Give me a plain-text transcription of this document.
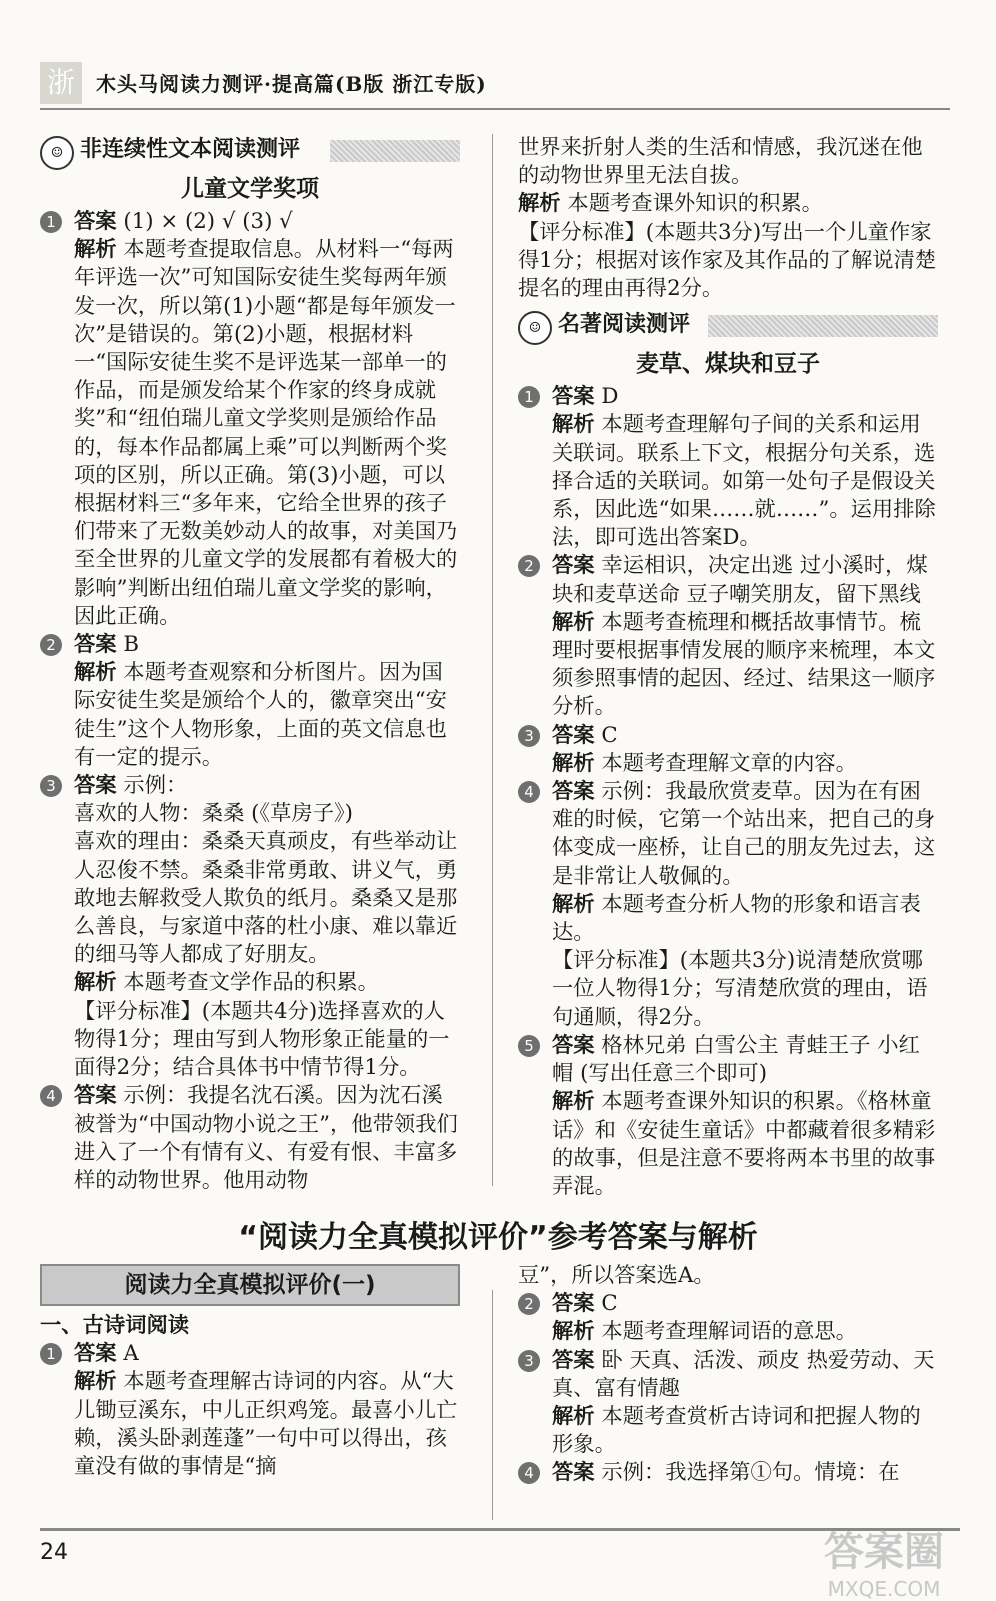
浙	木头马阅读力测评·提高篇(B版 浙江专版)
☺ 非连续性文本阅读测评
儿童文学奖项
1 答案 (1) × (2) √ (3) √
解析 本题考查提取信息。从材料一“每两年评选一次”可知国际安徒生奖每两年颁发一次，所以第(1)小题“都是每年颁发一次”是错误的。第(2)小题，根据材料一“国际安徒生奖不是评选某一部单一的作品，而是颁发给某个作家的终身成就奖”和“纽伯瑞儿童文学奖则是颁给作品的，每本作品都属上乘”可以判断两个奖项的区别，所以正确。第(3)小题，可以根据材料三“多年来，它给全世界的孩子们带来了无数美妙动人的故事，对美国乃至全世界的儿童文学的发展都有着极大的影响”判断出纽伯瑞儿童文学奖的影响，因此正确。
2 答案 B
解析 本题考查观察和分析图片。因为国际安徒生奖是颁给个人的，徽章突出“安徒生”这个人物形象，上面的英文信息也有一定的提示。
3 答案 示例：
喜欢的人物：桑桑 (《草房子》)
喜欢的理由：桑桑天真顽皮，有些举动让人忍俊不禁。桑桑非常勇敢、讲义气，勇敢地去解救受人欺负的纸月。桑桑又是那么善良，与家道中落的杜小康、难以靠近的细马等人都成了好朋友。
解析 本题考查文学作品的积累。
【评分标准】(本题共4分)选择喜欢的人物得1分；理由写到人物形象正能量的一面得2分；结合具体书中情节得1分。
4 答案 示例：我提名沈石溪。因为沈石溪被誉为“中国动物小说之王”，他带领我们进入了一个有情有义、有爱有恨、丰富多样的动物世界。他用动物
世界来折射人类的生活和情感，我沉迷在他的动物世界里无法自拔。
解析 本题考查课外知识的积累。
【评分标准】(本题共3分)写出一个儿童作家得1分；根据对该作家及其作品的了解说清楚提名的理由再得2分。
☺ 名著阅读测评
麦草、煤块和豆子
1 答案 D
解析 本题考查理解句子间的关系和运用关联词。联系上下文，根据分句关系，选择合适的关联词。如第一处句子是假设关系，因此选“如果……就……”。运用排除法，即可选出答案D。
2 答案 幸运相识，决定出逃 过小溪时，煤块和麦草送命 豆子嘲笑朋友，留下黑线
解析 本题考查梳理和概括故事情节。梳理时要根据事情发展的顺序来梳理，本文须参照事情的起因、经过、结果这一顺序分析。
3 答案 C
解析 本题考查理解文章的内容。
4 答案 示例：我最欣赏麦草。因为在有困难的时候，它第一个站出来，把自己的身体变成一座桥，让自己的朋友先过去，这是非常让人敬佩的。
解析 本题考查分析人物的形象和语言表达。
【评分标准】(本题共3分)说清楚欣赏哪一位人物得1分；写清楚欣赏的理由，语句通顺，得2分。
5 答案 格林兄弟 白雪公主 青蛙王子 小红帽 (写出任意三个即可)
解析 本题考查课外知识的积累。《格林童话》和《安徒生童话》中都藏着很多精彩的故事，但是注意不要将两本书里的故事弄混。
“阅读力全真模拟评价”参考答案与解析
阅读力全真模拟评价(一)
一、古诗词阅读
1 答案 A
解析 本题考查理解古诗词的内容。从“大儿锄豆溪东，中儿正织鸡笼。最喜小儿亡赖，溪头卧剥莲蓬”一句中可以得出，孩童没有做的事情是“摘
豆”，所以答案选A。
2 答案 C
解析 本题考查理解词语的意思。
3 答案 卧 天真、活泼、顽皮 热爱劳动、天真、富有情趣
解析 本题考查赏析古诗词和把握人物的形象。
4 答案 示例：我选择第①句。情境：在
24	答案圈
MXQE.COM
